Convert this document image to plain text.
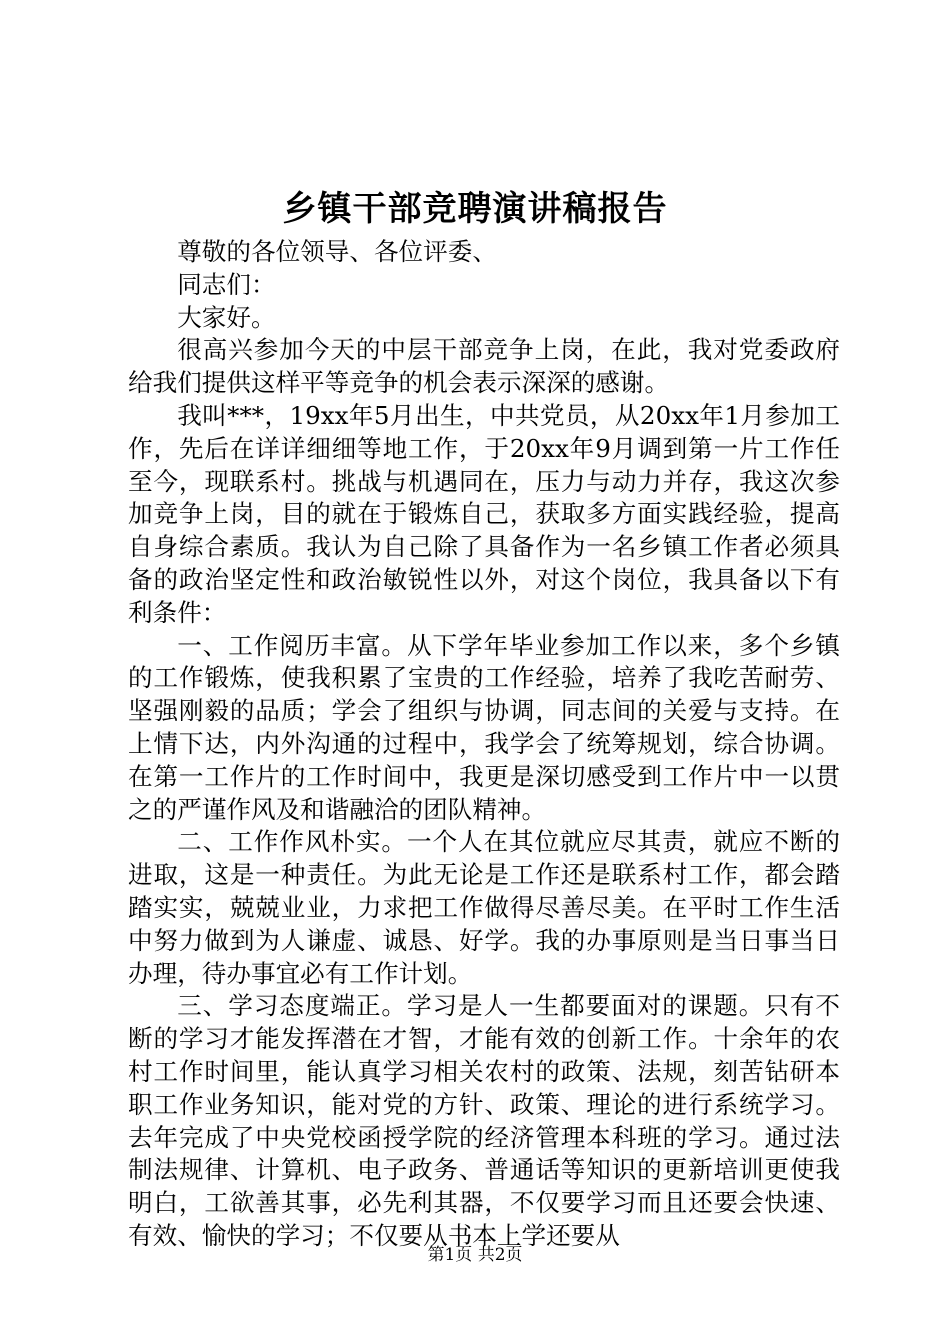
乡镇干部竞聘演讲稿报告

尊敬的各位领导、各位评委、

同志们：

大家好。

很高兴参加今天的中层干部竞争上岗，在此，我对党委政府给我们提供这样平等竞争的机会表示深深的感谢。

我叫***，19xx年5月出生，中共党员，从20xx年1月参加工作，先后在详详细细等地工作，于20xx年9月调到第一片工作任至今，现联系村。挑战与机遇同在，压力与动力并存，我这次参加竞争上岗，目的就在于锻炼自己，获取多方面实践经验，提高自身综合素质。我认为自己除了具备作为一名乡镇工作者必须具备的政治坚定性和政治敏锐性以外，对这个岗位，我具备以下有利条件：

一、工作阅历丰富。从下学年毕业参加工作以来，多个乡镇的工作锻炼，使我积累了宝贵的工作经验，培养了我吃苦耐劳、坚强刚毅的品质；学会了组织与协调，同志间的关爱与支持。在上情下达，内外沟通的过程中，我学会了统筹规划，综合协调。在第一工作片的工作时间中，我更是深切感受到工作片中一以贯之的严谨作风及和谐融洽的团队精神。

二、工作作风朴实。一个人在其位就应尽其责，就应不断的进取，这是一种责任。为此无论是工作还是联系村工作，都会踏踏实实，兢兢业业，力求把工作做得尽善尽美。在平时工作生活中努力做到为人谦虚、诚恳、好学。我的办事原则是当日事当日办理，待办事宜必有工作计划。

三、学习态度端正。学习是人一生都要面对的课题。只有不断的学习才能发挥潜在才智，才能有效的创新工作。十余年的农村工作时间里，能认真学习相关农村的政策、法规，刻苦钻研本职工作业务知识，能对党的方针、政策、理论的进行系统学习。去年完成了中央党校函授学院的经济管理本科班的学习。通过法制法规律、计算机、电子政务、普通话等知识的更新培训更使我明白，工欲善其事，必先利其器，不仅要学习而且还要会快速、有效、愉快的学习；不仅要从书本上学还要从

第1页 共2页
